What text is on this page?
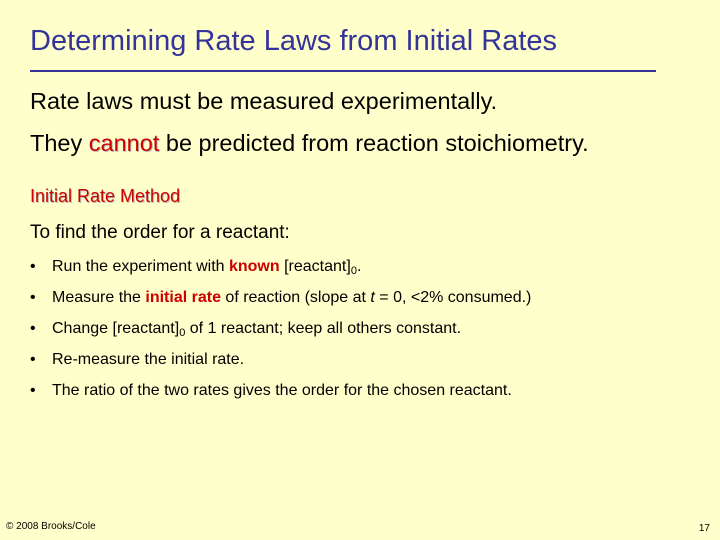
Determining Rate Laws from Initial Rates
Rate laws must be measured experimentally.
They cannot be predicted from reaction stoichiometry.
Initial Rate Method
To find the order for a reactant:
• Run the experiment with known $[reactant]_0$.
• Measure the initial rate of reaction (slope at t = 0, <2% consumed.)
• Change $[reactant]_0$ of 1 reactant; keep all others constant.
• Re-measure the initial rate.
• The ratio of the two rates gives the order for the chosen reactant.
© 2008 Brooks/Cole	17
